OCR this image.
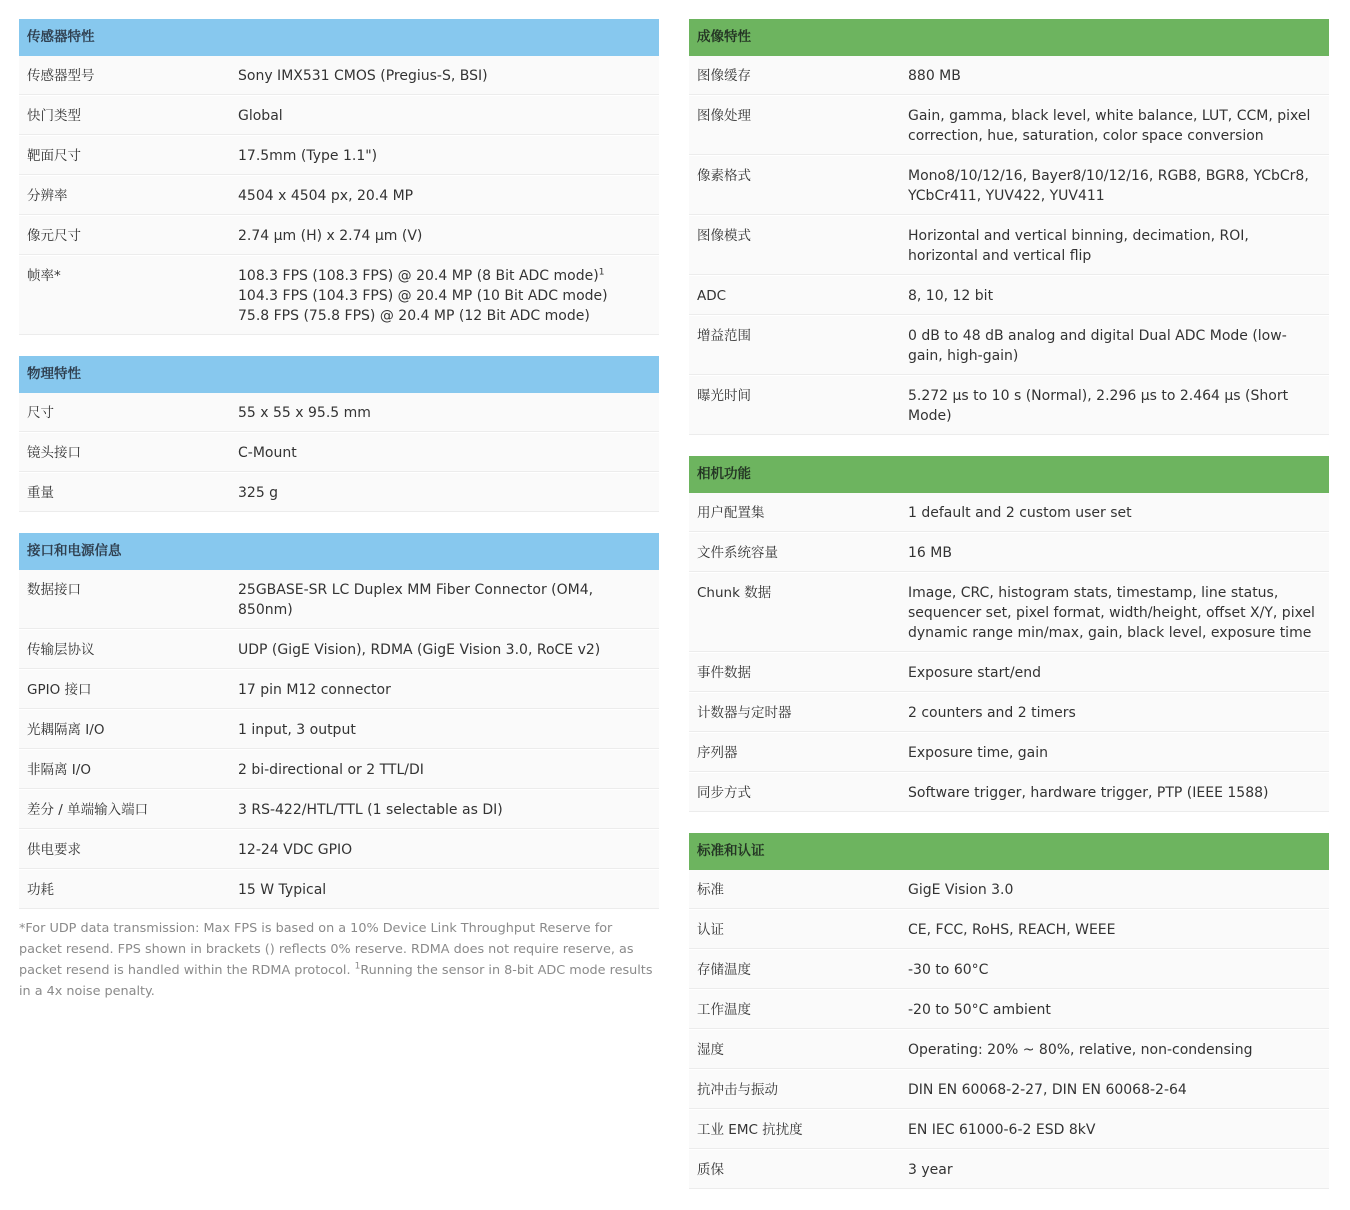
传感器特性
传感器型号	Sony IMX531 CMOS (Pregius-S, BSI)
快门类型	Global
靶面尺寸	17.5mm (Type 1.1")
分辨率	4504 x 4504 px, 20.4 MP
像元尺寸	2.74 µm (H) x 2.74 µm (V)
帧率*	108.3 FPS (108.3 FPS) @ 20.4 MP (8 Bit ADC mode)$^1$
104.3 FPS (104.3 FPS) @ 20.4 MP (10 Bit ADC mode)
75.8 FPS (75.8 FPS) @ 20.4 MP (12 Bit ADC mode)
物理特性
尺寸	55 x 55 x 95.5 mm
镜头接口	C-Mount
重量	325 g
接口和电源信息
数据接口	25GBASE-SR LC Duplex MM Fiber Connector (OM4, 850nm)
传输层协议	UDP (GigE Vision), RDMA (GigE Vision 3.0, RoCE v2)
GPIO 接口	17 pin M12 connector
光耦隔离 I/O	1 input, 3 output
非隔离 I/O	2 bi-directional or 2 TTL/DI
差分 / 单端输入端口	3 RS-422/HTL/TTL (1 selectable as DI)
供电要求	12-24 VDC GPIO
功耗	15 W Typical
*For UDP data transmission: Max FPS is based on a 10% Device Link Throughput Reserve for packet resend. FPS shown in brackets () reflects 0% reserve. RDMA does not require reserve, as packet resend is handled within the RDMA protocol. $^1$Running the sensor in 8-bit ADC mode results in a 4x noise penalty.
成像特性
图像缓存	880 MB
图像处理	Gain, gamma, black level, white balance, LUT, CCM, pixel correction, hue, saturation, color space conversion
像素格式	Mono8/10/12/16, Bayer8/10/12/16, RGB8, BGR8, YCbCr8, YCbCr411, YUV422, YUV411
图像模式	Horizontal and vertical binning, decimation, ROI, horizontal and vertical flip
ADC	8, 10, 12 bit
增益范围	0 dB to 48 dB analog and digital Dual ADC Mode (low-gain, high-gain)
曝光时间	5.272 µs to 10 s (Normal), 2.296 µs to 2.464 µs (Short Mode)
相机功能
用户配置集	1 default and 2 custom user set
文件系统容量	16 MB
Chunk 数据	Image, CRC, histogram stats, timestamp, line status, sequencer set, pixel format, width/height, offset X/Y, pixel dynamic range min/max, gain, black level, exposure time
事件数据	Exposure start/end
计数器与定时器	2 counters and 2 timers
序列器	Exposure time, gain
同步方式	Software trigger, hardware trigger, PTP (IEEE 1588)
标准和认证
标准	GigE Vision 3.0
认证	CE, FCC, RoHS, REACH, WEEE
存储温度	-30 to 60°C
工作温度	-20 to 50°C ambient
湿度	Operating: 20% ~ 80%, relative, non-condensing
抗冲击与振动	DIN EN 60068-2-27, DIN EN 60068-2-64
工业 EMC 抗扰度	EN IEC 61000-6-2 ESD 8kV
质保	3 year
